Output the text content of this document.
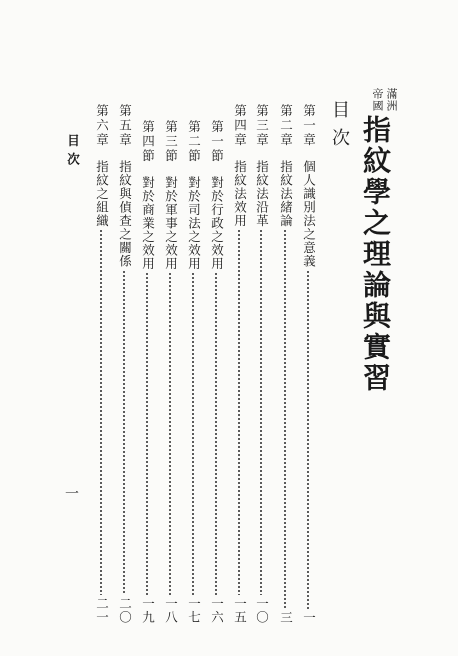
滿洲
帝國
指紋學之理論與實習
目次
第一章
個人識別法之意義
一
第二章
指紋法緒論
三
第三章
指紋法沿革
一〇
第四章
指紋法效用
一五
第一節
對於行政之效用
一六
第二節
對於司法之效用
一七
第三節
對於軍事之效用
一八
第四節
對於商業之效用
一九
第五章
指紋與偵查之關係
二〇
第六章
指紋之組織
二一
目次
一
